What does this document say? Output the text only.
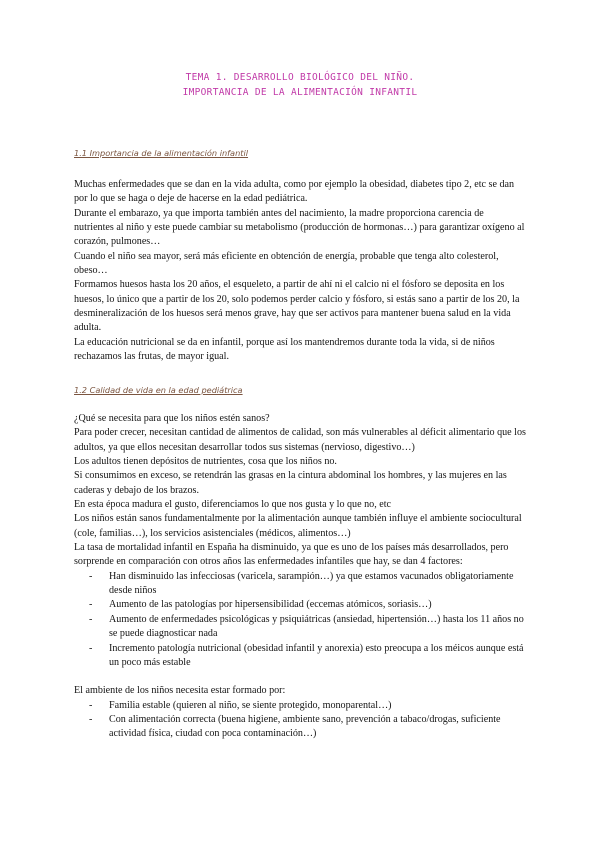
TEMA 1. DESARROLLO BIOLÓGICO DEL NIÑO.
IMPORTANCIA DE LA ALIMENTACIÓN INFANTIL
1.1 Importancia de la alimentación infantil

Muchas enfermedades que se dan en la vida adulta, como por ejemplo la obesidad, diabetes tipo 2, etc se dan por lo que se haga o deje de hacerse en la edad pediátrica.

Durante el embarazo, ya que importa también antes del nacimiento, la madre proporciona carencia de nutrientes al niño y este puede cambiar su metabolismo (producción de hormonas…) para garantizar oxígeno al corazón, pulmones…

Cuando el niño sea mayor, será más eficiente en obtención de energía, probable que tenga alto colesterol, obeso…

Formamos huesos hasta los 20 años, el esqueleto, a partir de ahí ni el calcio ni el fósforo se deposita en los huesos, lo único que a partir de los 20, solo podemos perder calcio y fósforo, si estás sano a partir de los 20, la desmineralización de los huesos será menos grave, hay que ser activos para mantener buena salud en la vida adulta.

La educación nutricional se da en infantil, porque así los mantendremos durante toda la vida, si de niños rechazamos las frutas, de mayor igual.

1.2 Calidad de vida en la edad pediátrica

¿Qué se necesita para que los niños estén sanos?

Para poder crecer, necesitan cantidad de alimentos de calidad, son más vulnerables al déficit alimentario que los adultos, ya que ellos necesitan desarrollar todos sus sistemas (nervioso, digestivo…)

Los adultos tienen depósitos de nutrientes, cosa que los niños no.

Si consumimos en exceso, se retendrán las grasas en la cintura abdominal los hombres, y las mujeres en las caderas y debajo de los brazos.

En esta época madura el gusto, diferenciamos lo que nos gusta y lo que no, etc

Los niños están sanos fundamentalmente por la alimentación aunque también influye el ambiente sociocultural (cole, familias…), los servicios asistenciales (médicos, alimentos…)

La tasa de mortalidad infantil en España ha disminuido, ya que es uno de los países más desarrollados, pero sorprende en comparación con otros años las enfermedades infantiles que hay, se dan 4 factores:

- Han disminuido las infecciosas (varicela, sarampión…) ya que estamos vacunados obligatoriamente desde niños
- Aumento de las patologías por hipersensibilidad (eccemas atómicos, soriasis…)
- Aumento de enfermedades psicológicas y psiquiátricas (ansiedad, hipertensión…) hasta los 11 años no se puede diagnosticar nada
- Incremento patología nutricional (obesidad infantil y anorexia) esto preocupa a los méicos aunque está un poco más estable

El ambiente de los niños necesita estar formado por:

- Familia estable (quieren al niño, se siente protegido, monoparental…)
- Con alimentación correcta (buena higiene, ambiente sano, prevención a tabaco/drogas, suficiente actividad física, ciudad con poca contaminación…)
